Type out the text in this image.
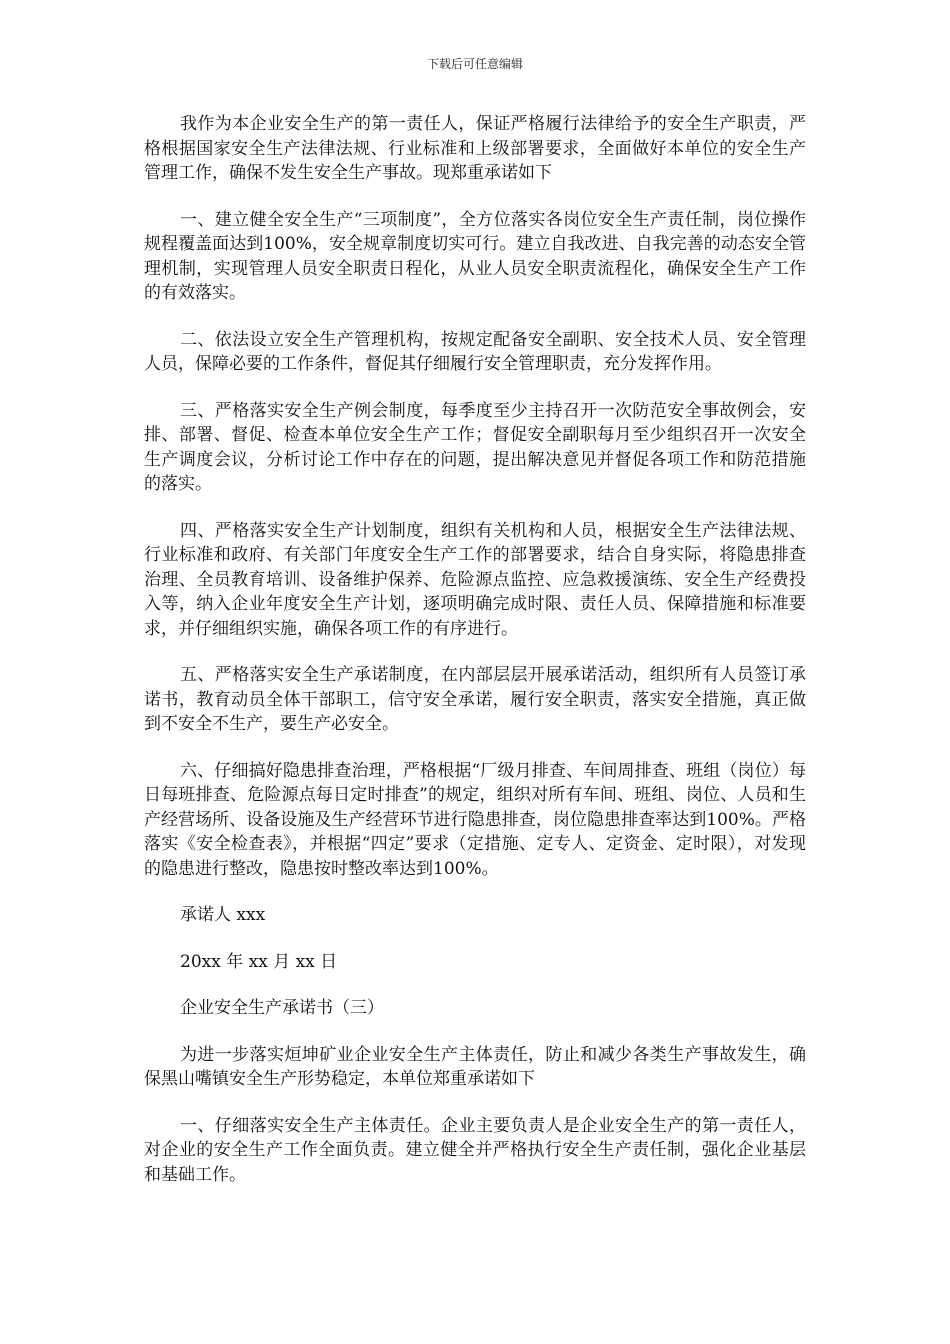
下载后可任意编辑

我作为本企业安全生产的第一责任人，保证严格履行法律给予的安全生产职责，严格根据国家安全生产法律法规、行业标准和上级部署要求，全面做好本单位的安全生产管理工作，确保不发生安全生产事故。现郑重承诺如下

一、建立健全安全生产“三项制度”，全方位落实各岗位安全生产责任制，岗位操作规程覆盖面达到100%，安全规章制度切实可行。建立自我改进、自我完善的动态安全管理机制，实现管理人员安全职责日程化，从业人员安全职责流程化，确保安全生产工作的有效落实。

二、依法设立安全生产管理机构，按规定配备安全副职、安全技术人员、安全管理人员，保障必要的工作条件，督促其仔细履行安全管理职责，充分发挥作用。

三、严格落实安全生产例会制度，每季度至少主持召开一次防范安全事故例会，安排、部署、督促、检查本单位安全生产工作；督促安全副职每月至少组织召开一次安全生产调度会议，分析讨论工作中存在的问题，提出解决意见并督促各项工作和防范措施的落实。

四、严格落实安全生产计划制度，组织有关机构和人员，根据安全生产法律法规、行业标准和政府、有关部门年度安全生产工作的部署要求，结合自身实际，将隐患排查治理、全员教育培训、设备维护保养、危险源点监控、应急救援演练、安全生产经费投入等，纳入企业年度安全生产计划，逐项明确完成时限、责任人员、保障措施和标准要求，并仔细组织实施，确保各项工作的有序进行。

五、严格落实安全生产承诺制度，在内部层层开展承诺活动，组织所有人员签订承诺书，教育动员全体干部职工，信守安全承诺，履行安全职责，落实安全措施，真正做到不安全不生产，要生产必安全。

六、仔细搞好隐患排查治理，严格根据“厂级月排查、车间周排查、班组（岗位）每日每班排查、危险源点每日定时排查”的规定，组织对所有车间、班组、岗位、人员和生产经营场所、设备设施及生产经营环节进行隐患排查，岗位隐患排查率达到100%。严格落实《安全检查表》，并根据“四定”要求（定措施、定专人、定资金、定时限），对发现的隐患进行整改，隐患按时整改率达到100%。

承诺人 xxx

20xx 年 xx 月 xx 日

企业安全生产承诺书（三）

为进一步落实烜坤矿业企业安全生产主体责任，防止和减少各类生产事故发生，确保黑山嘴镇安全生产形势稳定，本单位郑重承诺如下

一、仔细落实安全生产主体责任。企业主要负责人是企业安全生产的第一责任人，对企业的安全生产工作全面负责。建立健全并严格执行安全生产责任制，强化企业基层和基础工作。
